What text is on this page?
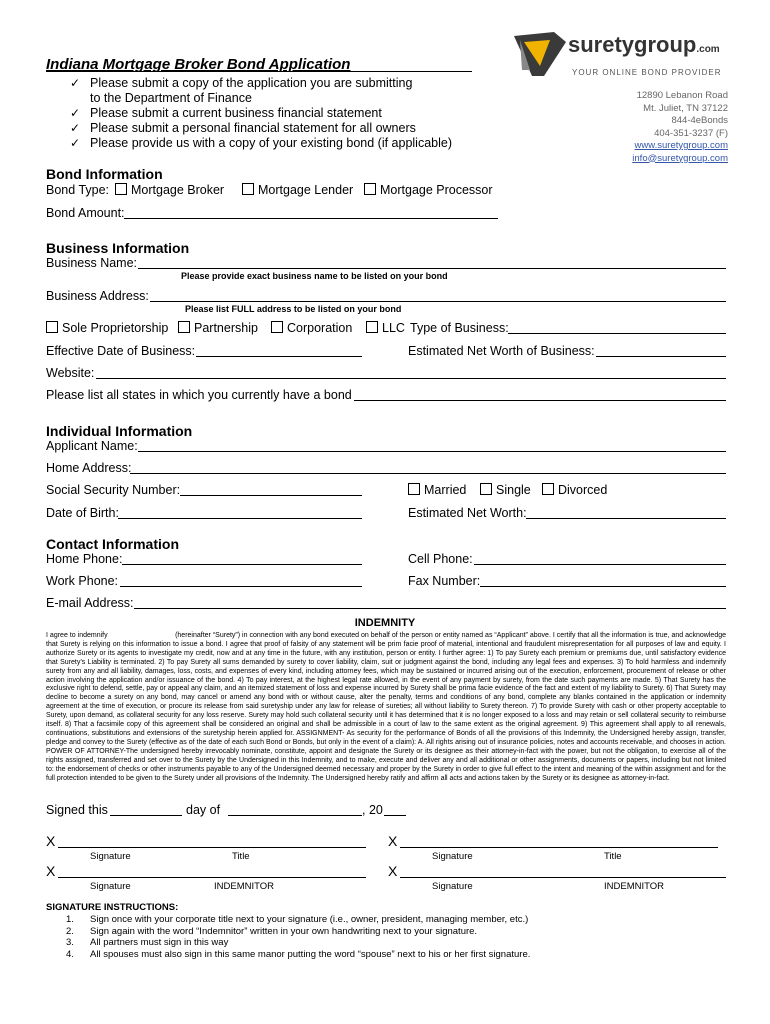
Indiana Mortgage Broker Bond Application
✓ Please submit a copy of the application you are submitting
to the Department of Finance
✓ Please submit a current business financial statement
✓ Please submit a personal financial statement for all owners
✓ Please provide us with a copy of your existing bond (if applicable)
suretygroup.com
YOUR ONLINE BOND PROVIDER
12890 Lebanon Road
Mt. Juliet, TN 37122
844-4eBonds
404-351-3237 (F)
www.suretygroup.com
info@suretygroup.com
Bond Information
Bond Type:	Mortgage Broker	Mortgage Lender	Mortgage Processor
Bond Amount:
Business Information
Business Name:
Please provide exact business name to be listed on your bond
Business Address:
Please list FULL address to be listed on your bond
Sole Proprietorship	Partnership	Corporation	LLC Type of Business:
Effective Date of Business:	Estimated Net Worth of Business:
Website:
Please list all states in which you currently have a bond
Individual Information
Applicant Name:
Home Address:
Social Security Number:	Married	Single	Divorced
Date of Birth:	Estimated Net Worth:
Contact Information
Home Phone:	Cell Phone:
Work Phone:	Fax Number:
E-mail Address:
INDEMNITY
I agree to indemnify                                  (hereinafter “Surety”) in connection with any bond executed on behalf of the person or entity named as “Applicant” above. I certify that all the information is true, and acknowledge that Surety is relying on this information to issue a bond. I agree that proof of falsity of any statement will be prim facie proof of material, intentional and fraudulent misrepresentation for all purposes of law and equity. I authorize Surety or its agents to investigate my credit, now and at any time in the future, with any institution, person or entity. I further agree: 1) To pay Surety each premium or premiums due, until satisfactory evidence that Surety’s Liability is terminated. 2) To pay Surety all sums demanded by surety to cover liability, claim, suit or judgment against the bond, including any legal fees and expenses. 3) To hold harmless and indemnify surety from any and all liability, damages, loss, costs, and expenses of every kind, including attorney fees, which may be sustained or incurred arising out of the execution, enforcement, procurement of release or other action involving the application and/or issuance of the bond. 4) To pay interest, at the highest legal rate allowed, in the event of any payment by surety, from the date such payments are made. 5) That Surety has the exclusive right to defend, settle, pay or appeal any claim, and an itemized statement of loss and expense incurred by Surety shall be prima facie evidence of the fact and extent of my liability to Surety. 6) That Surety may decline to become a surety on any bond, may cancel or amend any bond with or without cause, alter the penalty, terms and conditions of any bond, complete any blanks contained in the application or indemnity agreement at the time of execution, or procure its release from said suretyship under any law for release of sureties; all without liability to Surety thereon. 7) To provide Surety with cash or other property acceptable to Surety, upon demand, as collateral security for any loss reserve. Surety may hold such collateral security until it has determined that it is no longer exposed to a loss and may retain or sell collateral security to reimburse itself. 8) That a facsimile copy of this agreement shall be considered an original and shall be admissible in a court of law to the same extent as the original agreement. 9) This agreement shall apply to all renewals, continuations, substitutions and extensions of the suretyship herein applied for. ASSIGNMENT- As security for the performance of Bonds of all the provisions of this Indemnity, the Undersigned hereby assign, transfer, pledge and convey to the Surety (effective as of the date of each such Bond or Bonds, but only in the event of a claim): A. All rights arising out of insurance policies, notes and accounts receivable, and chooses in action. POWER OF ATTORNEY-The undersigned hereby irrevocably nominate, constitute, appoint and designate the Surety or its designee as their attorney-in-fact with the power, but not the obligation, to exercise all of the rights assigned, transferred and set over to the Surety by the Undersigned in this Indemnity, and to make, execute and deliver any and all additional or other assignments, documents or papers, including but not limited to: the endorsement of checks or other instruments payable to any of the Undersigned deemed necessary and proper by the Surety in order to give full effect to the intent and meaning of the within assignment and for the full protection intended to be given to the Surety under all provisions of the Indemnity. The Undersigned hereby ratify and affirm all acts and actions taken by the Surety or its designee as attorney-in-fact.
Signed this	day of	, 20
X
Signature	Title
X
Signature	Title
X
Signature	INDEMNITOR
X
Signature	INDEMNITOR
SIGNATURE INSTRUCTIONS:
1. Sign once with your corporate title next to your signature (i.e., owner, president, managing member, etc.)
2. Sign again with the word “Indemnitor” written in your own handwriting next to your signature.
3. All partners must sign in this way
4. All spouses must also sign in this same manor putting the word “spouse” next to his or her first signature.
